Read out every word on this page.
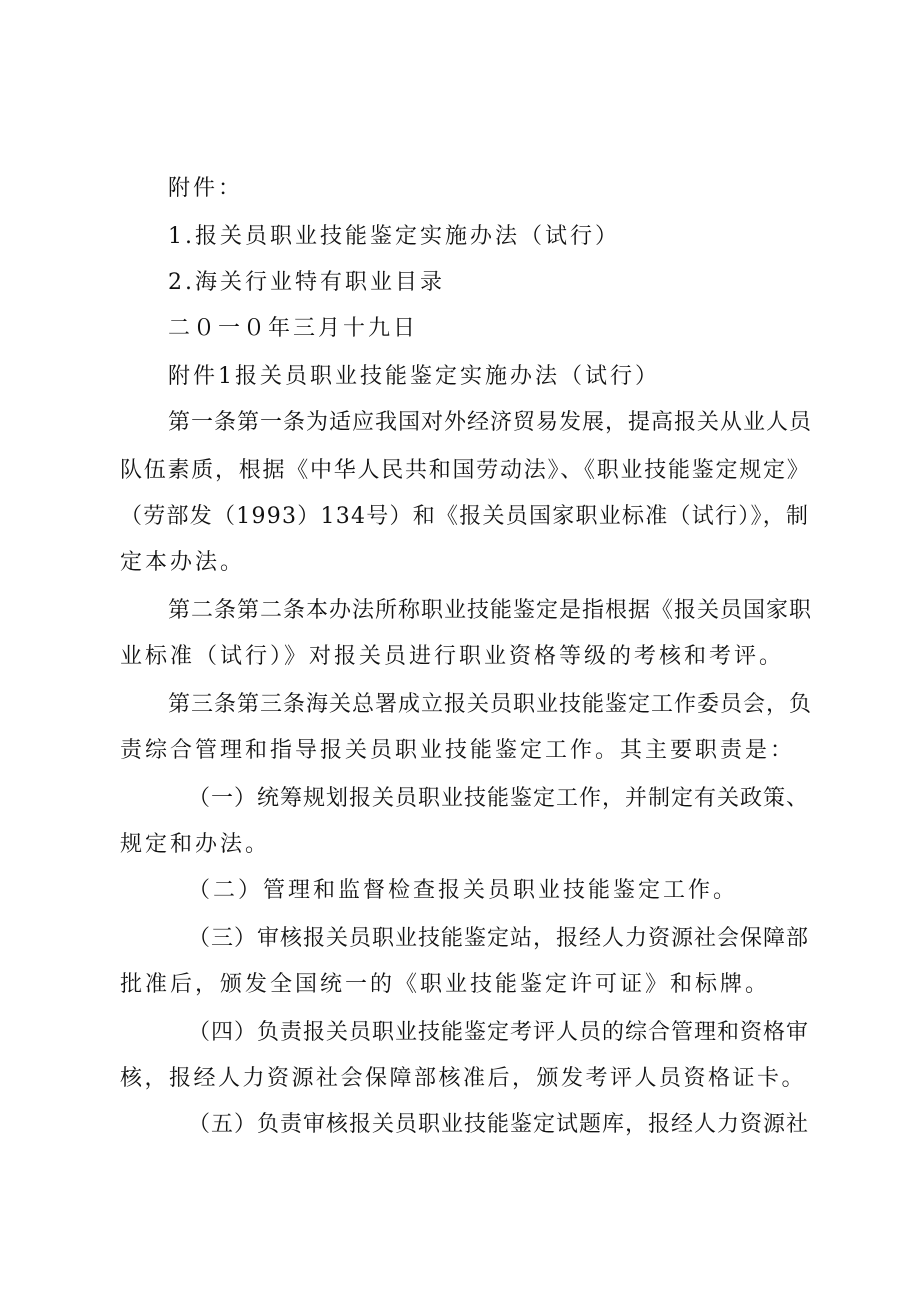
附件：
1.报关员职业技能鉴定实施办法（试行）
2.海关行业特有职业目录
二０一０年三月十九日
附件1报关员职业技能鉴定实施办法（试行）
第一条第一条为适应我国对外经济贸易发展，提高报关从业人员
队伍素质，根据《中华人民共和国劳动法》、《职业技能鉴定规定》
（劳部发（1993）134号）和《报关员国家职业标准（试行）》，制
定本办法。
第二条第二条本办法所称职业技能鉴定是指根据《报关员国家职
业标准（试行）》对报关员进行职业资格等级的考核和考评。
第三条第三条海关总署成立报关员职业技能鉴定工作委员会，负
责综合管理和指导报关员职业技能鉴定工作。其主要职责是：
（一）统筹规划报关员职业技能鉴定工作，并制定有关政策、
规定和办法。
（二）管理和监督检查报关员职业技能鉴定工作。
（三）审核报关员职业技能鉴定站，报经人力资源社会保障部
批准后，颁发全国统一的《职业技能鉴定许可证》和标牌。
（四）负责报关员职业技能鉴定考评人员的综合管理和资格审
核，报经人力资源社会保障部核准后，颁发考评人员资格证卡。
（五）负责审核报关员职业技能鉴定试题库，报经人力资源社
